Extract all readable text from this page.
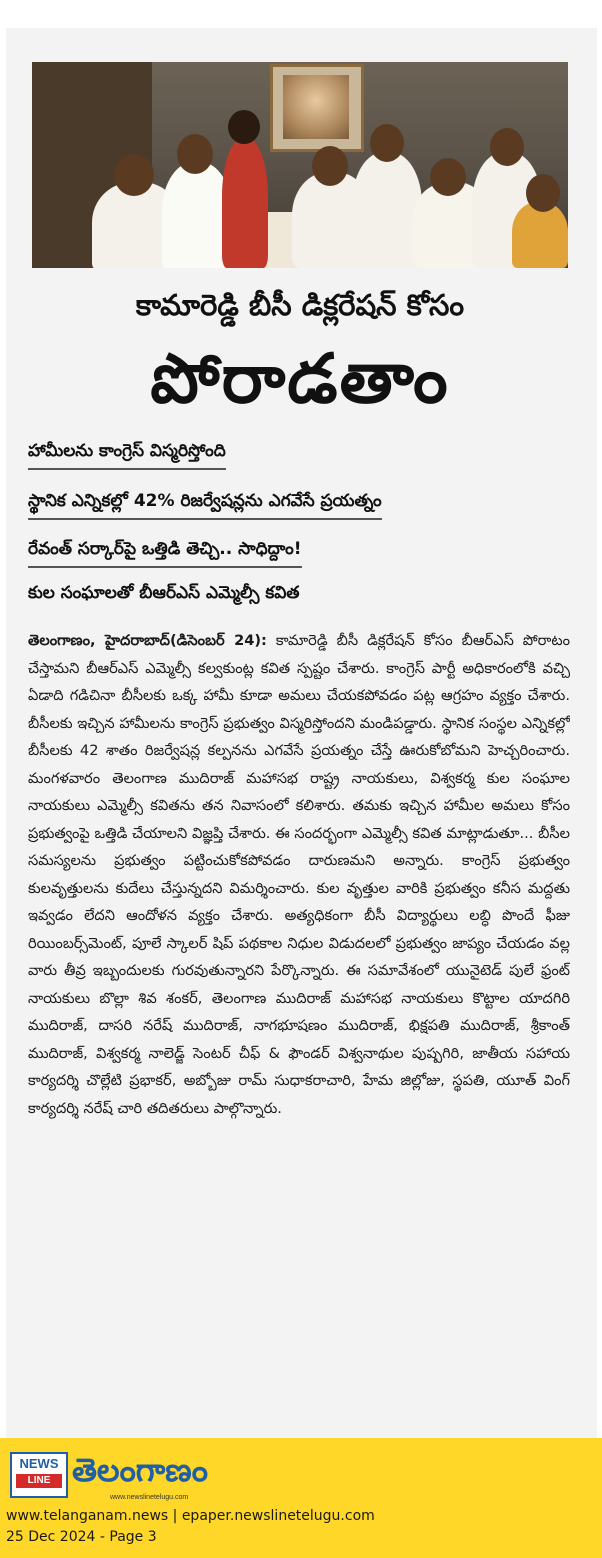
కామారెడ్డి బీసీ డిక్లరేషన్ కోసం
పోరాడతాం
హామీలను కాంగ్రెస్ విస్మరిస్తోంది
స్థానిక ఎన్నికల్లో 42% రిజర్వేషన్లను ఎగవేసే ప్రయత్నం
రేవంత్ సర్కార్‌పై ఒత్తిడి తెచ్చి.. సాధిద్దాం!
కుల సంఘాలతో బీఆర్ఎస్ ఎమ్మెల్సీ కవిత
తెలంగాణం, హైదరాబాద్(డిసెంబర్ 24): కామారెడ్డి బీసీ డిక్లరేషన్ కోసం బీఆర్ఎస్ పోరాటం చేస్తామని బీఆర్ఎస్ ఎమ్మెల్సీ కల్వకుంట్ల కవిత స్పష్టం చేశారు. కాంగ్రెస్ పార్టీ అధికారంలోకి వచ్చి ఏడాది గడిచినా బీసీలకు ఒక్క హామీ కూడా అమలు చేయకపోవడం పట్ల ఆగ్రహం వ్యక్తం చేశారు. బీసీలకు ఇచ్చిన హామీలను కాంగ్రెస్ ప్రభుత్వం విస్మరిస్తోందని మండిపడ్డారు. స్థానిక సంస్థల ఎన్నికల్లో బీసీలకు 42 శాతం రిజర్వేషన్ల కల్పనను ఎగవేసే ప్రయత్నం చేస్తే ఊరుకోబోమని హెచ్చరించారు. మంగళవారం తెలంగాణ ముదిరాజ్ మహాసభ రాష్ట్ర నాయకులు, విశ్వకర్మ కుల సంఘాల నాయకులు ఎమ్మెల్సీ కవితను తన నివాసంలో కలిశారు. తమకు ఇచ్చిన హామీల అమలు కోసం ప్రభుత్వంపై ఒత్తిడి చేయాలని విజ్ఞప్తి చేశారు. ఈ సందర్భంగా ఎమ్మెల్సీ కవిత మాట్లాడుతూ... బీసీల సమస్యలను ప్రభుత్వం పట్టించుకోకపోవడం దారుణమని అన్నారు. కాంగ్రెస్ ప్రభుత్వం కులవృత్తులను కుదేలు చేస్తున్నదని విమర్శించారు. కుల వృత్తుల వారికి ప్రభుత్వం కనీస మద్దతు ఇవ్వడం లేదని ఆందోళన వ్యక్తం చేశారు. అత్యధికంగా బీసీ విద్యార్థులు లబ్ధి పొందే ఫీజు రియింబర్స్‌మెంట్, పూలే స్కాలర్ షిప్ పథకాల నిధుల విడుదలలో ప్రభుత్వం జాప్యం చేయడం వల్ల వారు తీవ్ర ఇబ్బందులకు గురవుతున్నారని పేర్కొన్నారు. ఈ సమావేశంలో యునైటెడ్ పులే ఫ్రంట్ నాయకులు బొల్లా శివ శంకర్, తెలంగాణ ముదిరాజ్ మహాసభ నాయకులు కొట్టాల యాదగిరి ముదిరాజ్, దాసరి నరేష్ ముదిరాజ్, నాగభూషణం ముదిరాజ్, భిక్షపతి ముదిరాజ్, శ్రీకాంత్ ముదిరాజ్, విశ్వకర్మ నాలెడ్జ్ సెంటర్ చీఫ్ & ఫౌండర్ విశ్వనాథుల పుష్పగిరి, జాతీయ సహాయ కార్యదర్శి చొల్లేటి ప్రభాకర్, అబ్బోజు రామ్ సుధాకరాచారి, హేమ జిల్లోజు, స్థపతి, యూత్ వింగ్ కార్యదర్శి నరేష్ చారి తదితరులు పాల్గొన్నారు.
NEWS
LINE తెలంగాణం
www.newslinetelugu.com
www.telanganam.news | epaper.newslinetelugu.com
25 Dec 2024 - Page 3
